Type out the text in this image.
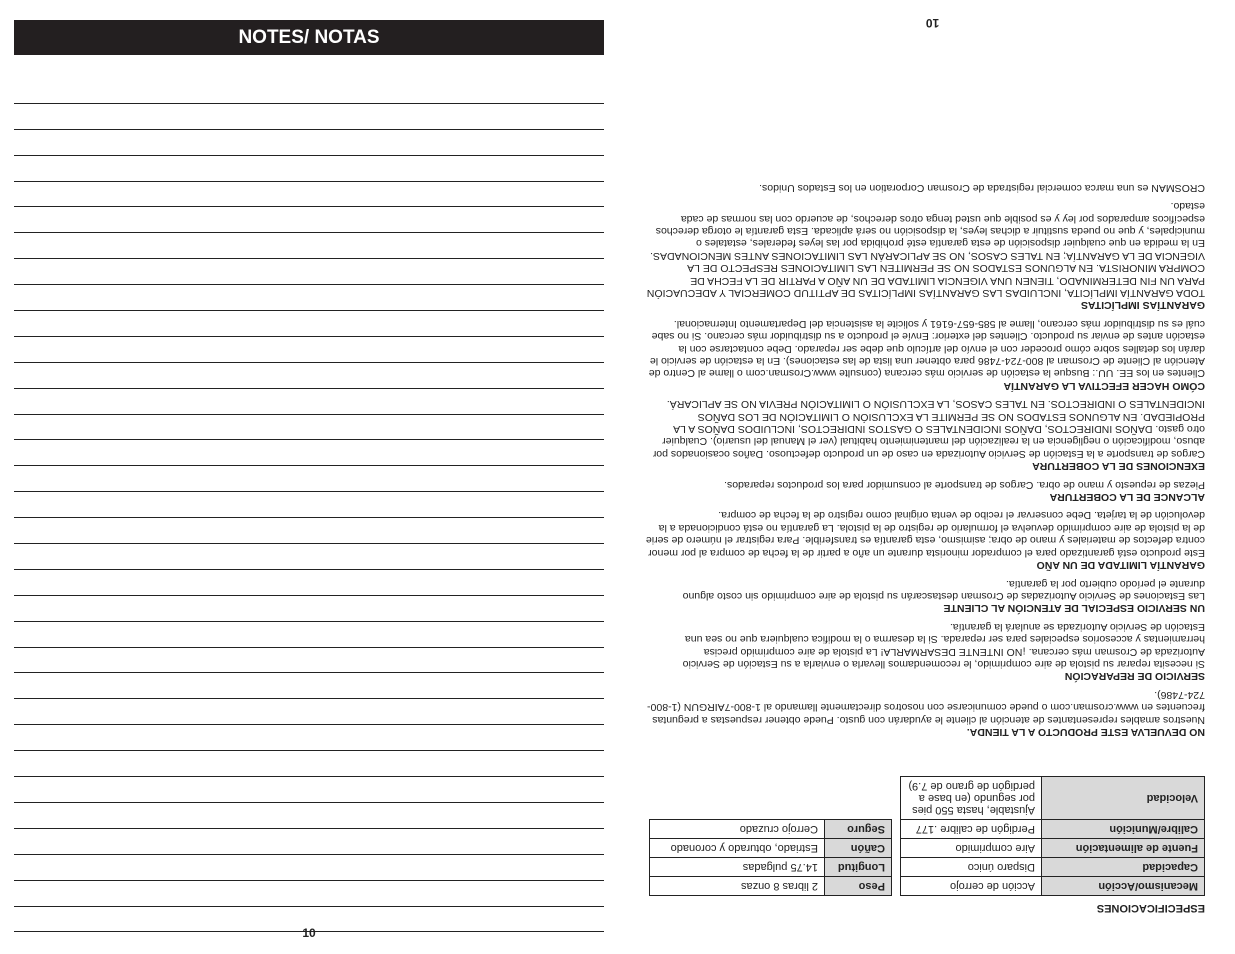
NOTES/ NOTAS
10
10
ESPECIFICACIONES
Mecanismo/Acción	Acción de cerrojo
Capacidad	Disparo único
Fuente de alimentación	Aire comprimido
Calibre/Munición	Perdigón de calibre .177
Velocidad	Ajustable, hasta 550 pies por segundo (en base a perdigón de grano de 7.9)
Peso	2 libras 8 onzas
Longitud	14.75 pulgadas
Cañón	Estriado, obturado y coronado
Seguro	Cerrojo cruzado

NO DEVUELVA ESTE PRODUCTO A LA TIENDA.

Nuestros amables representantes de atención al cliente le ayudarán con gusto. Puede obtener respuestas a preguntas frecuentes en www.crosman.com o puede comunicarse con nosotros directamente llamando al 1-800-7AIRGUN (1-800-724-7486).

SERVICIO DE REPARACIÓN

Si necesita reparar su pistola de aire comprimido, le recomendamos llevarla o enviarla a su Estación de Servicio Autorizada de Crosman más cercana. ¡NO INTENTE DESARMARLA! La pistola de aire comprimido precisa herramientas y accesorios especiales para ser reparada. Si la desarma o la modifica cualquiera que no sea una Estación de Servicio Autorizada se anulará la garantía.

UN SERVICIO ESPECIAL DE ATENCIÓN AL CLIENTE

Las Estaciones de Servicio Autorizadas de Crosman destascarán su pistola de aire comprimido sin costo alguno durante el período cubierto por la garantía.

GARANTÍA LIMITADA DE UN AÑO

Este producto está garantizado para el comprador minorista durante un año a partir de la fecha de compra al por menor contra defectos de materiales y mano de obra; asimismo, esta garantía es transferible. Para registrar el número de serie de la pistola de aire comprimido devuelva el formulario de registro de la pistola. La garantía no está condicionada a la devolución de la tarjeta. Debe conservar el recibo de venta original como registro de la fecha de compra.

ALCANCE DE LA COBERTURA

Piezas de repuesto y mano de obra. Cargos de transporte al consumidor para los productos reparados.

EXENCIONES DE LA COBERTURA

Cargos de transporte a la Estación de Servicio Autorizada en caso de un producto defectuoso. Daños ocasionados por abuso, modificación o negligencia en la realización del mantenimiento habitual (ver el Manual del usuario). Cualquier otro gasto. DAÑOS INDIRECTOS, DAÑOS INCIDENTALES O GASTOS INDIRECTOS, INCLUIDOS DAÑOS A LA PROPIEDAD. EN ALGUNOS ESTADOS NO SE PERMITE LA EXCLUSIÓN O LIMITACIÓN DE LOS DAÑOS INCIDENTALES O INDIRECTOS. EN TALES CASOS, LA EXCLUSIÓN O LIMITACIÓN PREVIA NO SE APLICARÁ.

CÓMO HACER EFECTIVA LA GARANTÍA

Clientes en los EE. UU.: Busque la estación de servicio más cercana (consulte www.Crosman.com o llame al Centro de Atención al Cliente de Crosman al 800-724-7486 para obtener una lista de las estaciones). En la estación de servicio le darán los detalles sobre cómo proceder con el envío del artículo que debe ser reparado. Debe contactarse con la estación antes de enviar su producto. Clientes del exterior: Envíe el producto a su distribuidor más cercano. Si no sabe cuál es su distribuidor más cercano, llame al 585-657-6161 y solicite la asistencia del Departamento Internacional.

GARANTÍAS IMPLÍCITAS

TODA GARANTÍA IMPLÍCITA, INCLUIDAS LAS GARANTÍAS IMPLÍCITAS DE APTITUD COMERCIAL Y ADECUACIÓN PARA UN FIN DETERMINADO, TIENEN UNA VIGENCIA LIMITADA DE UN AÑO A PARTIR DE LA FECHA DE COMPRA MINORISTA. EN ALGUNOS ESTADOS NO SE PERMITEN LAS LIMITACIONES RESPECTO DE LA VIGENCIA DE LA GARANTÍA; EN TALES CASOS, NO SE APLICARÁN LAS LIMITACIONES ANTES MENCIONADAS. En la medida en que cualquier disposición de esta garantía esté prohibida por las leyes federales, estatales o municipales, y que no pueda sustituir a dichas leyes, la disposición no será aplicada. Esta garantía le otorga derechos específicos amparados por ley y es posible que usted tenga otros derechos, de acuerdo con las normas de cada estado.

CROSMAN es una marca comercial registrada de Crosman Corporation en los Estados Unidos.
